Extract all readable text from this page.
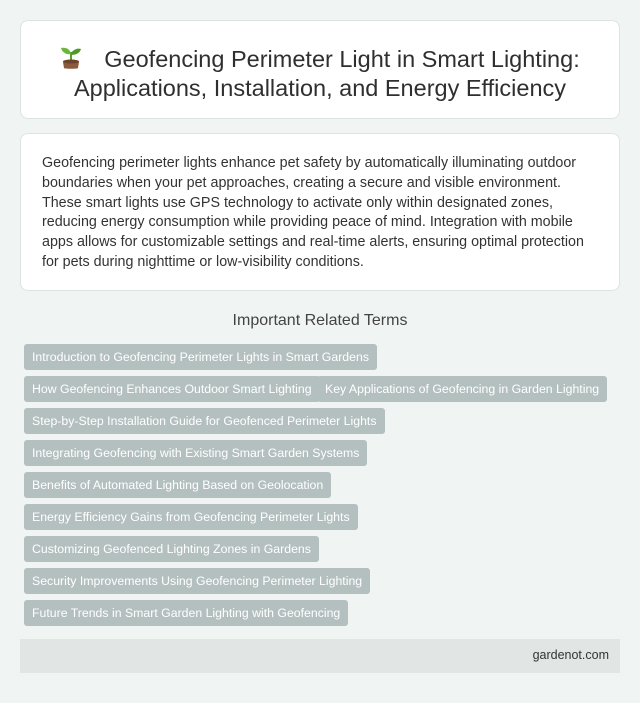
Geofencing Perimeter Light in Smart Lighting: Applications, Installation, and Energy Efficiency

Geofencing perimeter lights enhance pet safety by automatically illuminating outdoor boundaries when your pet approaches, creating a secure and visible environment. These smart lights use GPS technology to activate only within designated zones, reducing energy consumption while providing peace of mind. Integration with mobile apps allows for customizable settings and real-time alerts, ensuring optimal protection for pets during nighttime or low-visibility conditions.

Important Related Terms
Introduction to Geofencing Perimeter Lights in Smart Gardens
How Geofencing Enhances Outdoor Smart Lighting	Key Applications of Geofencing in Garden Lighting
Step-by-Step Installation Guide for Geofenced Perimeter Lights
Integrating Geofencing with Existing Smart Garden Systems
Benefits of Automated Lighting Based on Geolocation
Energy Efficiency Gains from Geofencing Perimeter Lights
Customizing Geofenced Lighting Zones in Gardens
Security Improvements Using Geofencing Perimeter Lighting
Future Trends in Smart Garden Lighting with Geofencing
gardenot.com
